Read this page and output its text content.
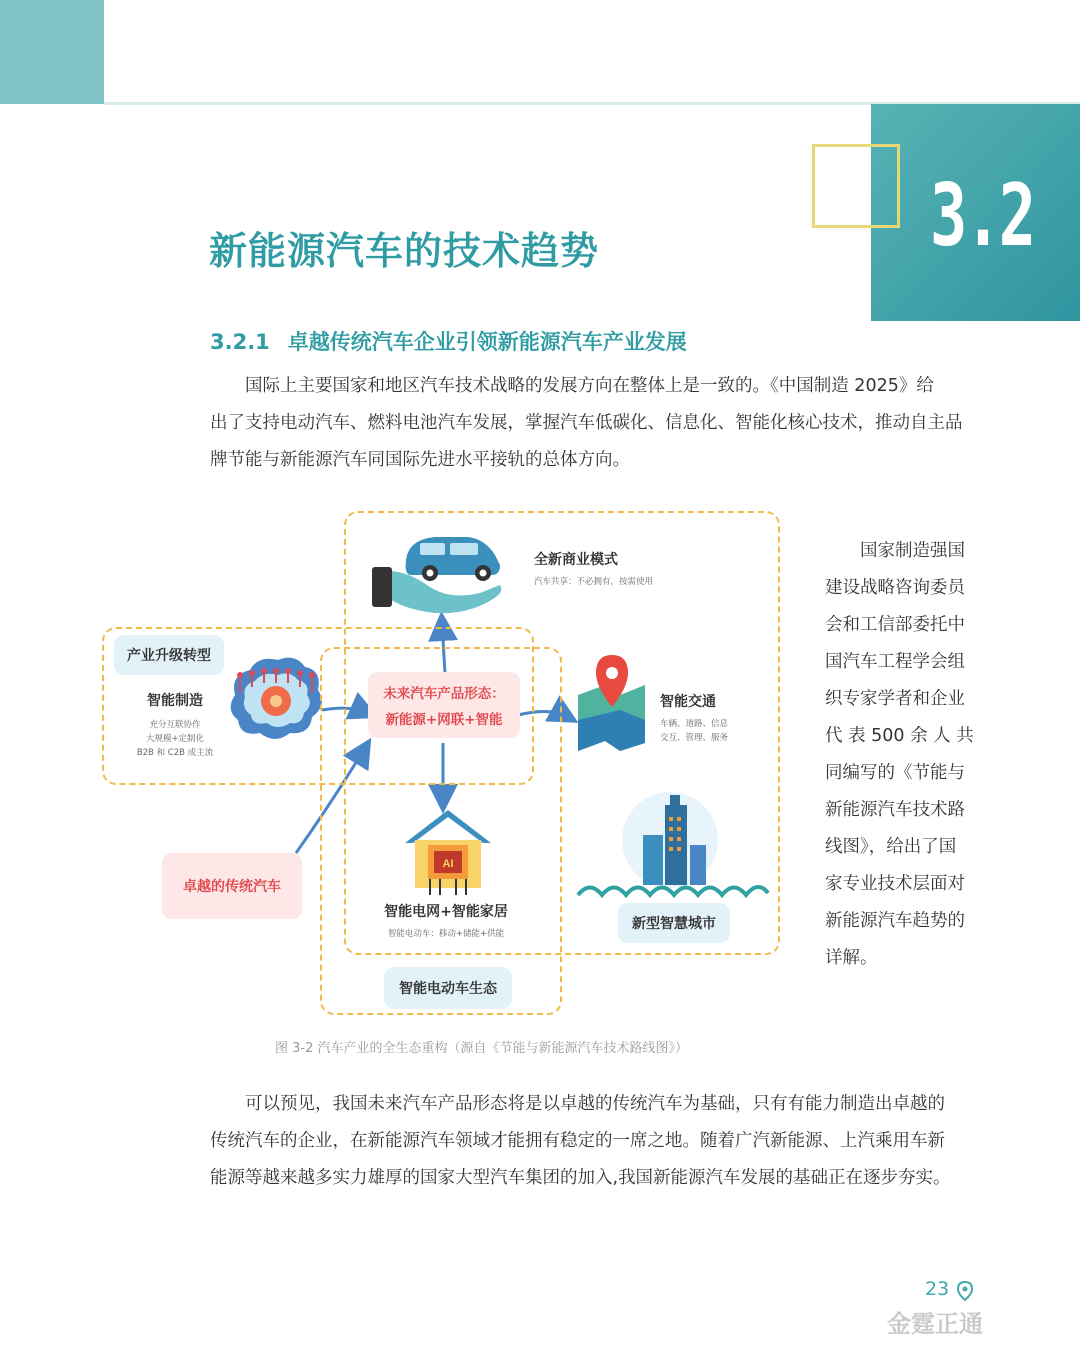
3.2
新能源汽车的技术趋势
3.2.1 卓越传统汽车企业引领新能源汽车产业发展
　　国际上主要国家和地区汽车技术战略的发展方向在整体上是一致的。《中国制造 2025》给
出了支持电动汽车、燃料电池汽车发展，掌握汽车低碳化、信息化、智能化核心技术，推动自主品
牌节能与新能源汽车同国际先进水平接轨的总体方向。
AI
产业升级转型
智能制造
充分互联协作
大规模+定制化
B2B 和 C2B 成主流
全新商业模式
汽车共享：不必拥有，按需使用
未来汽车产品形态：
新能源+网联+智能
智能交通
车辆、道路、信息
交互、管理、服务
卓越的传统汽车
智能电网+智能家居
智能电动车：移动+储能+供能
新型智慧城市
智能电动车生态
图 3-2 汽车产业的全生态重构（源自《节能与新能源汽车技术路线图》）
　　国家制造强国
建设战略咨询委员
会和工信部委托中
国汽车工程学会组
织专家学者和企业
代 表 500 余 人 共
同编写的《节能与
新能源汽车技术路
线图》，给出了国
家专业技术层面对
新能源汽车趋势的
详解。
　　可以预见，我国未来汽车产品形态将是以卓越的传统汽车为基础，只有有能力制造出卓越的
传统汽车的企业，在新能源汽车领域才能拥有稳定的一席之地。随着广汽新能源、上汽乘用车新
能源等越来越多实力雄厚的国家大型汽车集团的加入,我国新能源汽车发展的基础正在逐步夯实。
23
金霆正通
